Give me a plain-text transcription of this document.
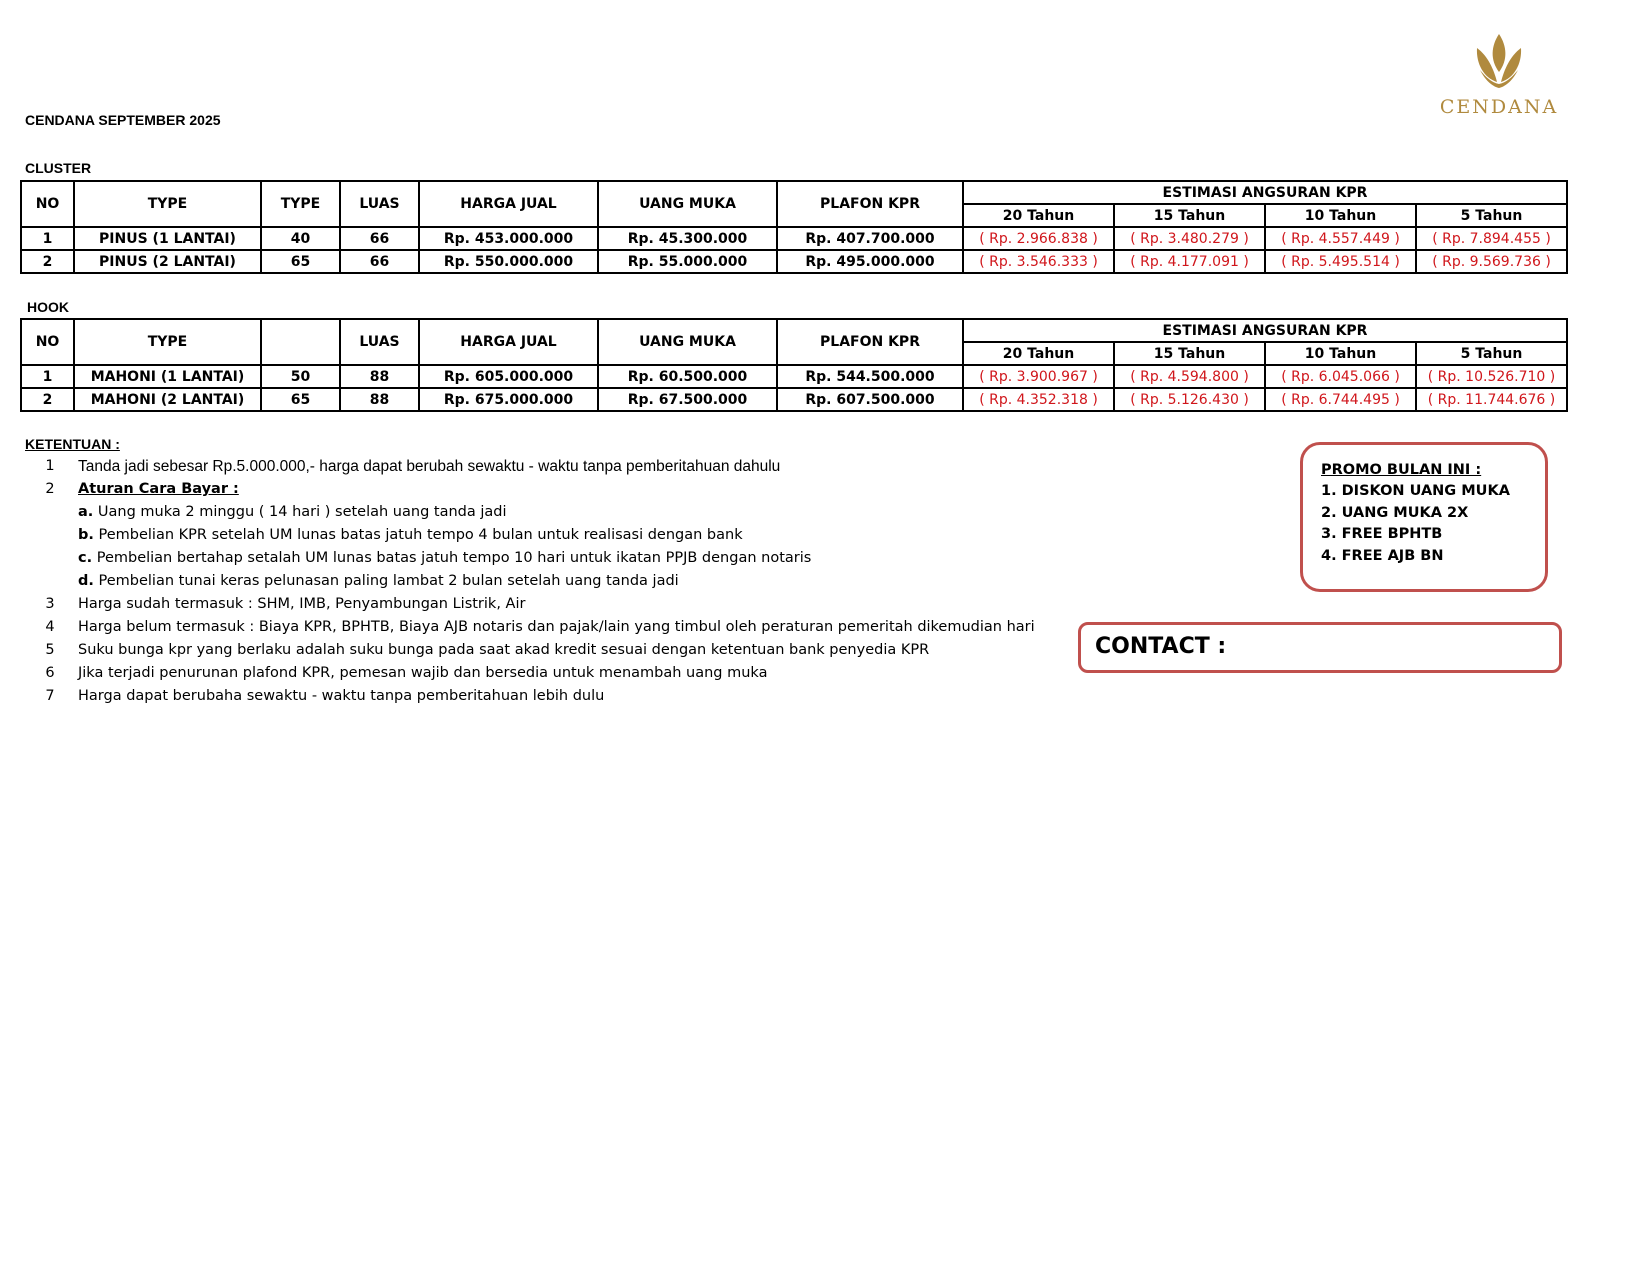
CENDANA
CENDANA SEPTEMBER 2025
CLUSTER
NO	TYPE	TYPE	LUAS	HARGA JUAL	UANG MUKA	PLAFON KPR	ESTIMASI ANGSURAN KPR			
							20 Tahun	15 Tahun	10 Tahun	5 Tahun
1	PINUS (1 LANTAI)	40	66	Rp. 453.000.000	Rp. 45.300.000	Rp. 407.700.000	( Rp. 2.966.838 )	( Rp. 3.480.279 )	( Rp. 4.557.449 )	( Rp. 7.894.455 )
2	PINUS (2 LANTAI)	65	66	Rp. 550.000.000	Rp. 55.000.000	Rp. 495.000.000	( Rp. 3.546.333 )	( Rp. 4.177.091 )	( Rp. 5.495.514 )	( Rp. 9.569.736 )
HOOK
NO	TYPE		LUAS	HARGA JUAL	UANG MUKA	PLAFON KPR	ESTIMASI ANGSURAN KPR			
							20 Tahun	15 Tahun	10 Tahun	5 Tahun
1	MAHONI (1 LANTAI)	50	88	Rp. 605.000.000	Rp. 60.500.000	Rp. 544.500.000	( Rp. 3.900.967 )	( Rp. 4.594.800 )	( Rp. 6.045.066 )	( Rp. 10.526.710 )
2	MAHONI (2 LANTAI)	65	88	Rp. 675.000.000	Rp. 67.500.000	Rp. 607.500.000	( Rp. 4.352.318 )	( Rp. 5.126.430 )	( Rp. 6.744.495 )	( Rp. 11.744.676 )
KETENTUAN :
1	Tanda jadi sebesar Rp.5.000.000,- harga dapat berubah sewaktu - waktu tanpa pemberitahuan dahulu
2	Aturan Cara Bayar :
a. Uang muka 2 minggu ( 14 hari ) setelah uang tanda jadi
b. Pembelian KPR setelah UM lunas batas jatuh tempo 4 bulan untuk realisasi dengan bank
c. Pembelian bertahap setalah UM lunas batas jatuh tempo 10 hari untuk ikatan PPJB dengan notaris
d. Pembelian tunai keras pelunasan paling lambat 2 bulan setelah uang tanda jadi
3	Harga sudah termasuk : SHM, IMB, Penyambungan Listrik, Air
4	Harga belum termasuk : Biaya KPR, BPHTB, Biaya AJB notaris dan pajak/lain yang timbul oleh peraturan pemeritah dikemudian hari
5	Suku bunga kpr yang berlaku adalah suku bunga pada saat akad kredit sesuai dengan ketentuan bank penyedia KPR
6	Jika terjadi penurunan plafond KPR, pemesan wajib dan bersedia untuk menambah uang muka
7	Harga dapat berubaha sewaktu - waktu tanpa pemberitahuan lebih dulu
PROMO BULAN INI :
1. DISKON UANG MUKA
2. UANG MUKA 2X
3. FREE BPHTB
4. FREE AJB BN
CONTACT :
